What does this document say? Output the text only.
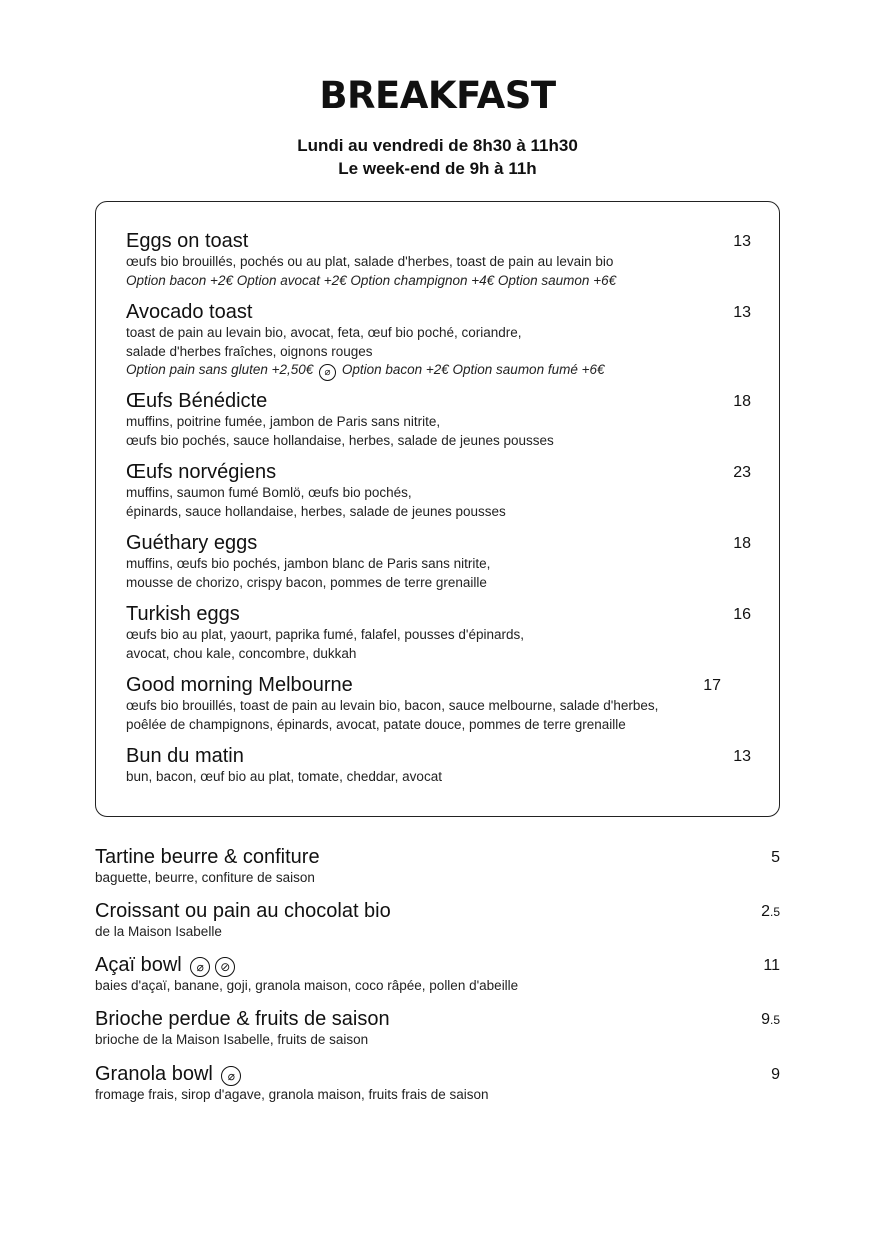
BREAKFAST
Lundi au vendredi de 8h30 à 11h30
Le week-end de 9h à 11h
Eggs on toast	13
œufs bio brouillés, pochés ou au plat, salade d'herbes, toast de pain au levain bio
Option bacon +2€ Option avocat +2€ Option champignon +4€ Option saumon +6€
Avocado toast	13
toast de pain au levain bio, avocat, feta, œuf bio poché, coriandre,
salade d'herbes fraîches, oignons rouges
Option pain sans gluten +2,50€ ⌀ Option bacon +2€ Option saumon fumé +6€
Œufs Bénédicte	18
muffins, poitrine fumée, jambon de Paris sans nitrite,
œufs bio pochés, sauce hollandaise, herbes, salade de jeunes pousses
Œufs norvégiens	23
muffins, saumon fumé Bomlö, œufs bio pochés,
épinards, sauce hollandaise, herbes, salade de jeunes pousses
Guéthary eggs	18
muffins, œufs bio pochés, jambon blanc de Paris sans nitrite,
mousse de chorizo, crispy bacon, pommes de terre grenaille
Turkish eggs	16
œufs bio au plat, yaourt, paprika fumé, falafel, pousses d'épinards,
avocat, chou kale, concombre, dukkah
Good morning Melbourne	17
œufs bio brouillés, toast de pain au levain bio, bacon, sauce melbourne, salade d'herbes,
poêlée de champignons, épinards, avocat, patate douce, pommes de terre grenaille
Bun du matin	13
bun, bacon, œuf bio au plat, tomate, cheddar, avocat
Tartine beurre & confiture	5
baguette, beurre, confiture de saison
Croissant ou pain au chocolat bio	2.5
de la Maison Isabelle
Açaï bowl ⌀ ⊘	11
baies d'açaï, banane, goji, granola maison, coco râpée, pollen d'abeille
Brioche perdue & fruits de saison	9.5
brioche de la Maison Isabelle, fruits de saison
Granola bowl ⌀	9
fromage frais, sirop d'agave, granola maison, fruits frais de saison
